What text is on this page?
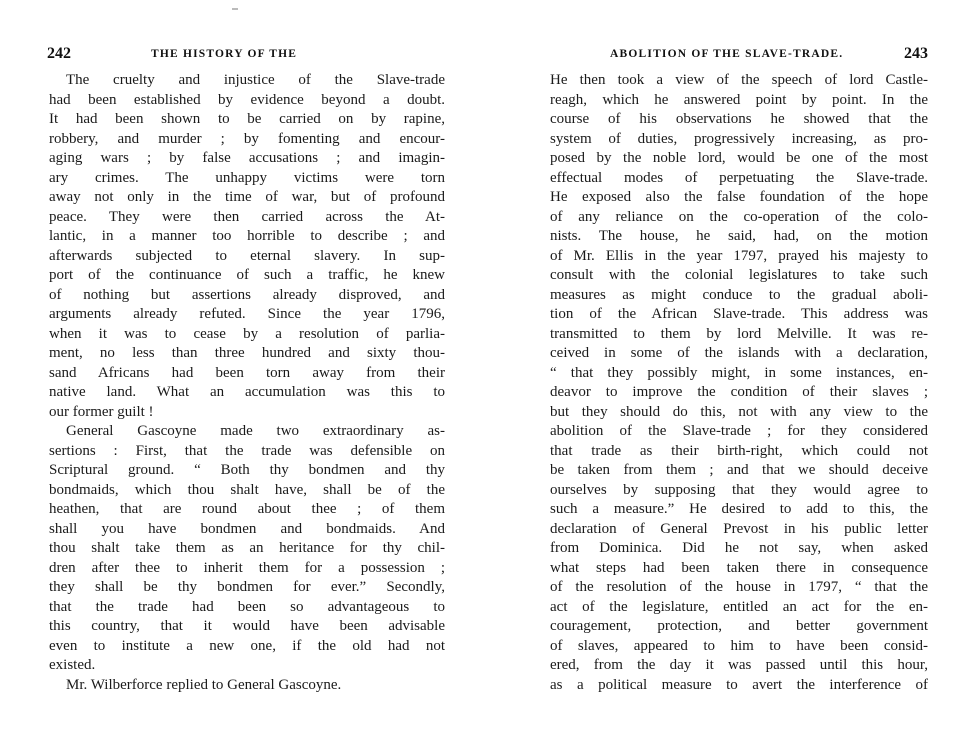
242	THE HISTORY OF THE
The cruelty and injustice of the Slave-trade
had been established by evidence beyond a doubt.
It had been shown to be carried on by rapine,
robbery, and murder ; by fomenting and encour-
aging wars ; by false accusations ; and imagin-
ary crimes. The unhappy victims were torn
away not only in the time of war, but of profound
peace. They were then carried across the At-
lantic, in a manner too horrible to describe ; and
afterwards subjected to eternal slavery. In sup-
port of the continuance of such a traffic, he knew
of nothing but assertions already disproved, and
arguments already refuted. Since the year 1796,
when it was to cease by a resolution of parlia-
ment, no less than three hundred and sixty thou-
sand Africans had been torn away from their
native land. What an accumulation was this to
our former guilt !
General Gascoyne made two extraordinary as-
sertions : First, that the trade was defensible on
Scriptural ground. “ Both thy bondmen and thy
bondmaids, which thou shalt have, shall be of the
heathen, that are round about thee ; of them
shall you have bondmen and bondmaids. And
thou shalt take them as an heritance for thy chil-
dren after thee to inherit them for a possession ;
they shall be thy bondmen for ever.” Secondly,
that the trade had been so advantageous to
this country, that it would have been advisable
even to institute a new one, if the old had not
existed.
Mr. Wilberforce replied to General Gascoyne.
ABOLITION OF THE SLAVE-TRADE.	243
He then took a view of the speech of lord Castle-
reagh, which he answered point by point. In the
course of his observations he showed that the
system of duties, progressively increasing, as pro-
posed by the noble lord, would be one of the most
effectual modes of perpetuating the Slave-trade.
He exposed also the false foundation of the hope
of any reliance on the co-operation of the colo-
nists. The house, he said, had, on the motion
of Mr. Ellis in the year 1797, prayed his majesty to
consult with the colonial legislatures to take such
measures as might conduce to the gradual aboli-
tion of the African Slave-trade. This address was
transmitted to them by lord Melville. It was re-
ceived in some of the islands with a declaration,
“ that they possibly might, in some instances, en-
deavor to improve the condition of their slaves ;
but they should do this, not with any view to the
abolition of the Slave-trade ; for they considered
that trade as their birth-right, which could not
be taken from them ; and that we should deceive
ourselves by supposing that they would agree to
such a measure.” He desired to add to this, the
declaration of General Prevost in his public letter
from Dominica. Did he not say, when asked
what steps had been taken there in consequence
of the resolution of the house in 1797, “ that the
act of the legislature, entitled an act for the en-
couragement, protection, and better government
of slaves, appeared to him to have been consid-
ered, from the day it was passed until this hour,
as a political measure to avert the interference of
